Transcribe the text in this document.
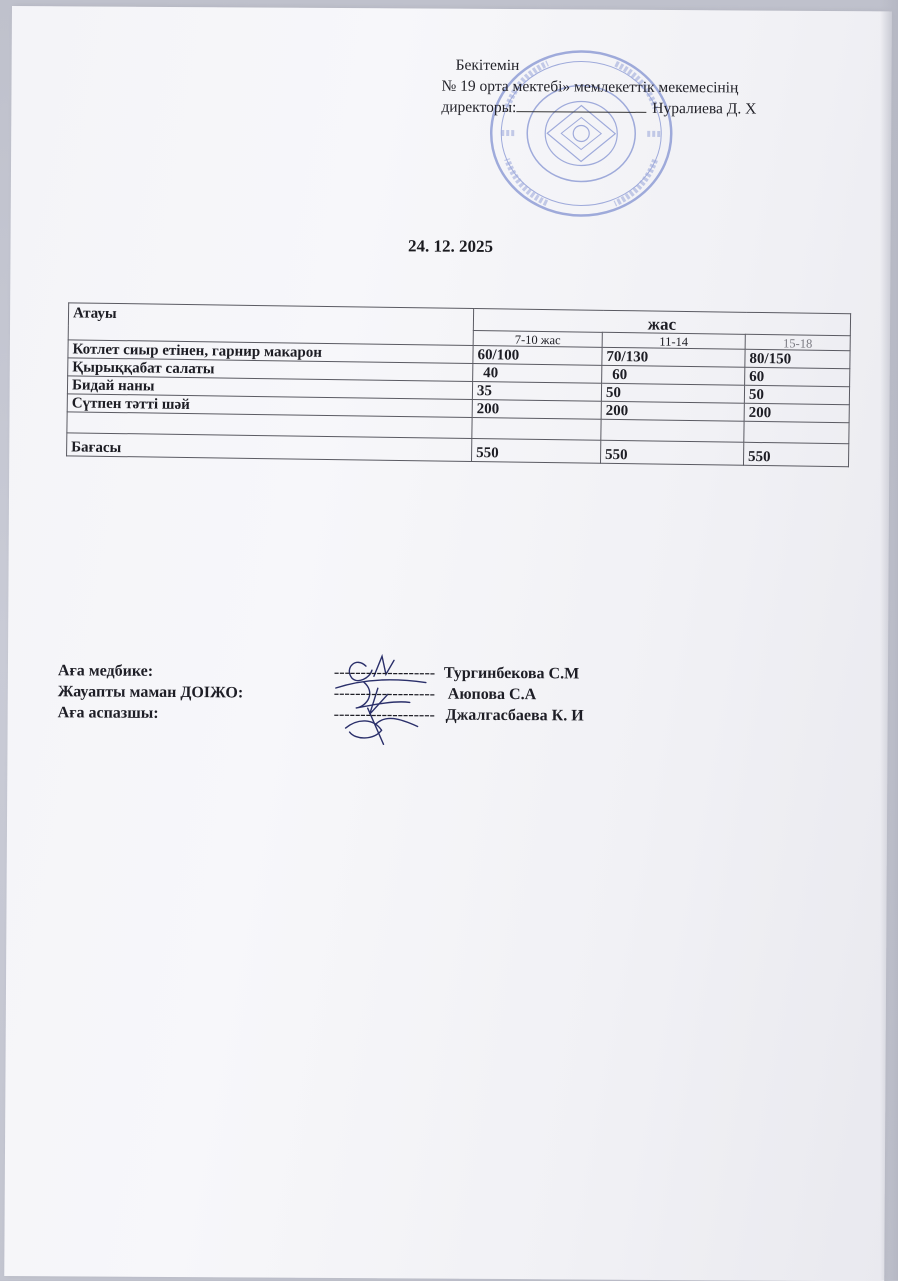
Бекітемін
№ 19 орта мектебі» мемлекеттік мекемесінің
директоры:	Нуралиева Д. Х
24. 12. 2025
Атауы	жас		
	7-10 жас	11-14	15-18
Котлет сиыр етінен, гарнир макарон	60/100	70/130	80/150
Қырыққабат салаты	40	60	60
Бидай наны	35	50	50
Сүтпен тәтті шәй	200	200	200

Бағасы	550	550	550
Аға медбике:	------------------- Тургинбекова С.М
Жауапты маман ДОІЖО:	------------------- Аюпова С.А
Аға аспазшы:	------------------- Джалгасбаева К. И
